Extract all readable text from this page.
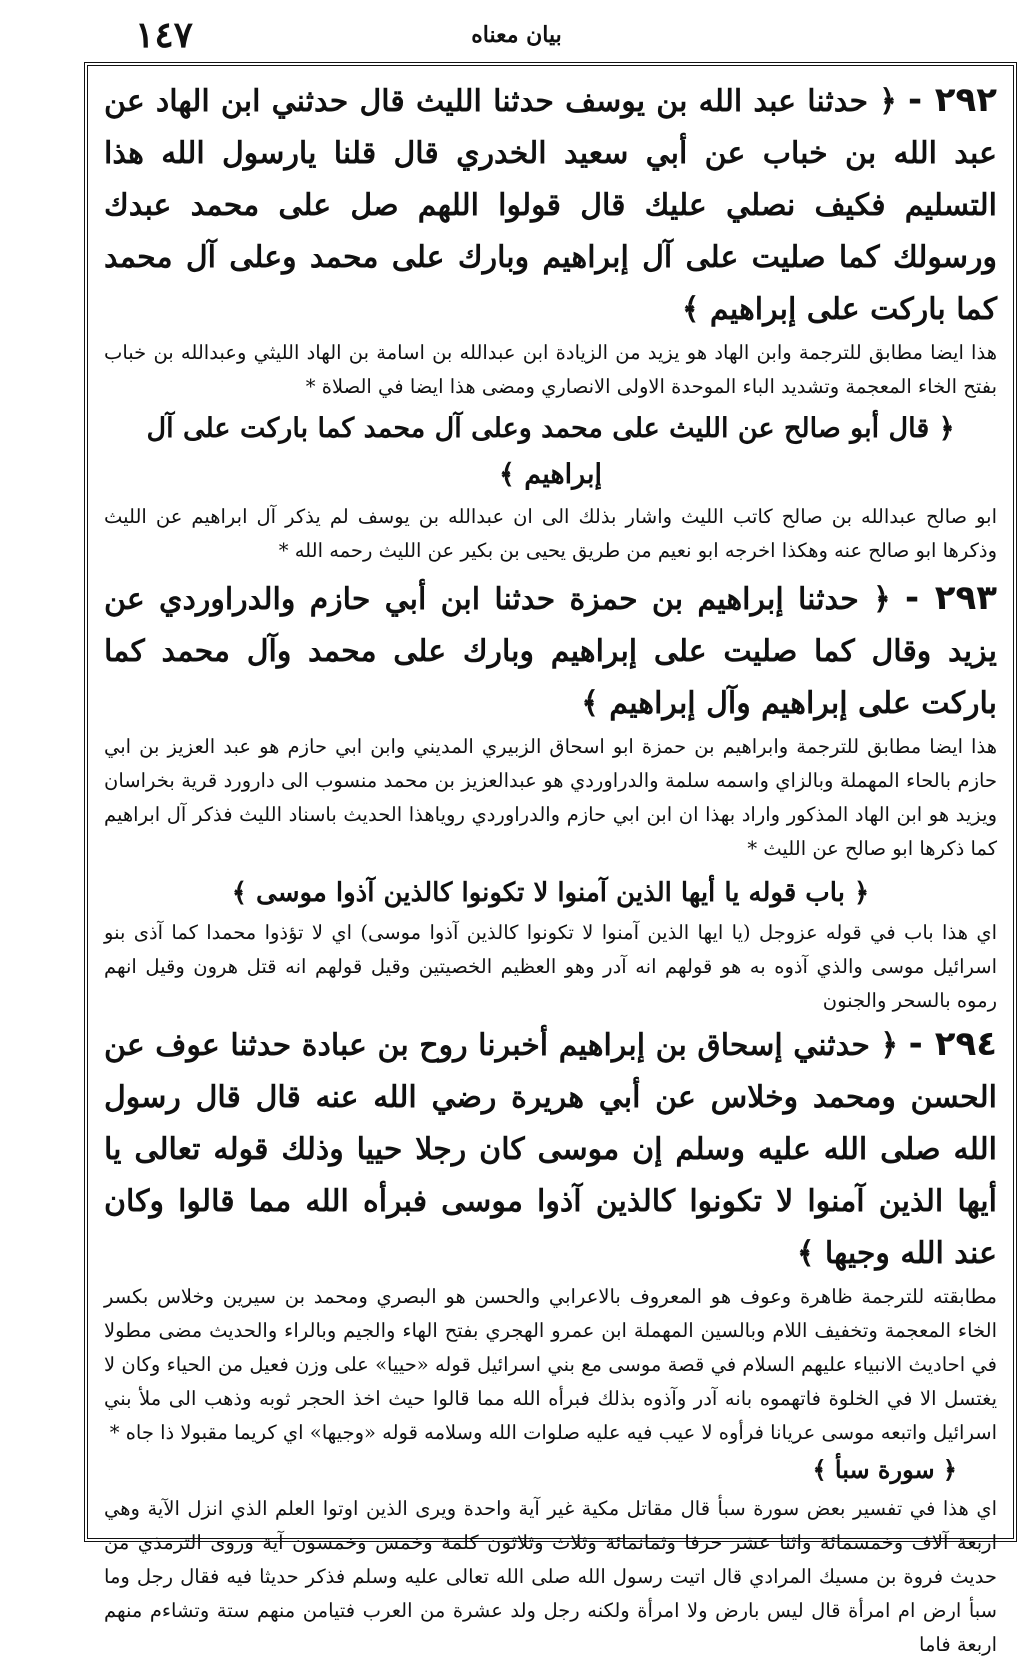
بيان معناه
١٤٧

٢٩٢ - ﴿ حدثنا عبد الله بن يوسف حدثنا الليث قال حدثني ابن الهاد عن عبد الله بن خباب عن أبي سعيد الخدري قال قلنا يارسول الله هذا التسليم فكيف نصلي عليك قال قولوا اللهم صل على محمد عبدك ورسولك كما صليت على آل إبراهيم وبارك على محمد وعلى آل محمد كما باركت على إبراهيم ﴾

هذا ايضا مطابق للترجمة وابن الهاد هو يزيد من الزيادة ابن عبدالله بن اسامة بن الهاد الليثي وعبدالله بن خباب بفتح الخاء المعجمة وتشديد الباء الموحدة الاولى الانصاري ومضى هذا ايضا في الصلاة *

﴿ قال أبو صالح عن الليث على محمد وعلى آل محمد كما باركت على آل إبراهيم ﴾

ابو صالح عبدالله بن صالح كاتب الليث واشار بذلك الى ان عبدالله بن يوسف لم يذكر آل ابراهيم عن الليث وذكرها ابو صالح عنه وهكذا اخرجه ابو نعيم من طريق يحيى بن بكير عن الليث رحمه الله *

٢٩٣ - ﴿ حدثنا إبراهيم بن حمزة حدثنا ابن أبي حازم والدراوردي عن يزيد وقال كما صليت على إبراهيم وبارك على محمد وآل محمد كما باركت على إبراهيم وآل إبراهيم ﴾

هذا ايضا مطابق للترجمة وابراهيم بن حمزة ابو اسحاق الزبيري المديني وابن ابي حازم هو عبد العزيز بن ابي حازم بالحاء المهملة وبالزاي واسمه سلمة والدراوردي هو عبدالعزيز بن محمد منسوب الى دارورد قرية بخراسان ويزيد هو ابن الهاد المذكور واراد بهذا ان ابن ابي حازم والدراوردي روياهذا الحديث باسناد الليث فذكر آل ابراهيم كما ذكرها ابو صالح عن الليث *

﴿ باب قوله يا أيها الذين آمنوا لا تكونوا كالذين آذوا موسى ﴾

اي هذا باب في قوله عزوجل (يا ايها الذين آمنوا لا تكونوا كالذين آذوا موسى) اي لا تؤذوا محمدا كما آذى بنو اسرائيل موسى والذي آذوه به هو قولهم انه آدر وهو العظيم الخصيتين وقيل قولهم انه قتل هرون وقيل انهم رموه بالسحر والجنون

٢٩٤ - ﴿ حدثني إسحاق بن إبراهيم أخبرنا روح بن عبادة حدثنا عوف عن الحسن ومحمد وخلاس عن أبي هريرة رضي الله عنه قال قال رسول الله صلى الله عليه وسلم إن موسى كان رجلا حييا وذلك قوله تعالى يا أيها الذين آمنوا لا تكونوا كالذين آذوا موسى فبرأه الله مما قالوا وكان عند الله وجيها ﴾

مطابقته للترجمة ظاهرة وعوف هو المعروف بالاعرابي والحسن هو البصري ومحمد بن سيرين وخلاس بكسر الخاء المعجمة وتخفيف اللام وبالسين المهملة ابن عمرو الهجري بفتح الهاء والجيم وبالراء والحديث مضى مطولا في احاديث الانبياء عليهم السلام في قصة موسى مع بني اسرائيل قوله «حييا» على وزن فعيل من الحياء وكان لا يغتسل الا في الخلوة فاتهموه بانه آدر وآذوه بذلك فبرأه الله مما قالوا حيث اخذ الحجر ثوبه وذهب الى ملأ بني اسرائيل واتبعه موسى عريانا فرأوه لا عيب فيه عليه صلوات الله وسلامه قوله «وجيها» اي كريما مقبولا ذا جاه *

﴿ سورة سبأ ﴾

اي هذا في تفسير بعض سورة سبأ قال مقاتل مكية غير آية واحدة ويرى الذين اوتوا العلم الذي انزل الآية وهي اربعة آلاف وخمسمائة واثنا عشر حرفا وثمانمائة وثلاث وثلاثون كلمة وخمس وخمسون آية وروى الترمذي من حديث فروة بن مسيك المرادي قال اتيت رسول الله صلى الله تعالى عليه وسلم فذكر حديثا فيه فقال رجل وما سبأ ارض ام امرأة قال ليس بارض ولا امرأة ولكنه رجل ولد عشرة من العرب فتيامن منهم ستة وتشاءم منهم اربعة فاما
